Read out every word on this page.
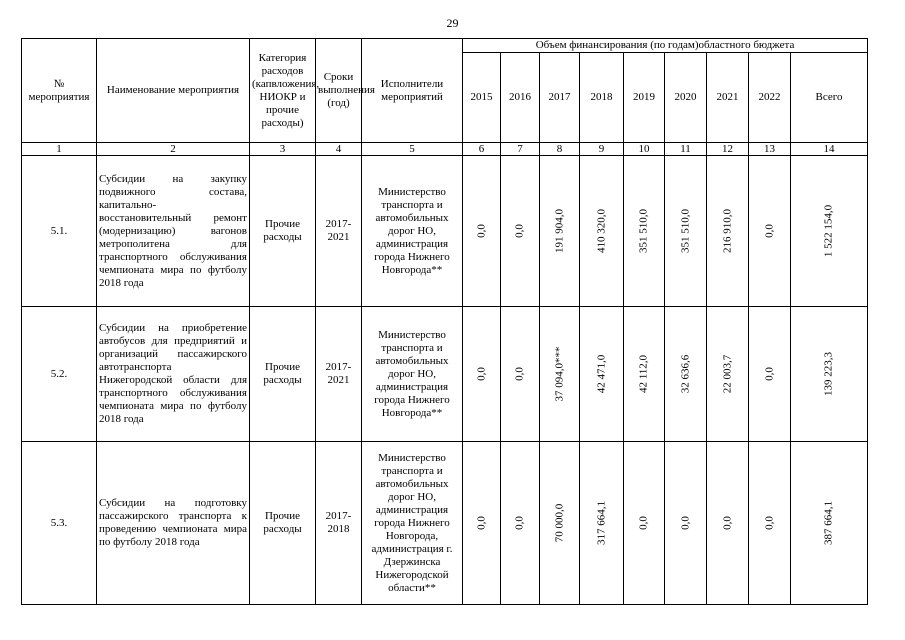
29
№ мероприятия	Наименование мероприятия	Категория расходов (капвложения, НИОКР и прочие расходы)	Сроки выполнения (год)	Исполнители мероприятий	Объем финансирования (по годам)областного бюджета								
					2015	2016	2017	2018	2019	2020	2021	2022	Всего
1	2	3	4	5	6	7	8	9	10	11	12	13	14
5.1.	Субсидии на закупку подвижного состава, капитально-восстановительный ремонт (модернизацию) вагонов метрополитена для транспортного обслуживания чемпионата мира по футболу 2018 года	Прочие расходы	2017-2021	Министерство транспорта и автомобильных дорог НО, администрация города Нижнего Новгорода**	0,0	0,0	191 904,0	410 320,0	351 510,0	351 510,0	216 910,0	0,0	1 522 154,0

5.2.	Субсидии на приобретение автобусов для предприятий и организаций пассажирского автотранспорта Нижегородской области для транспортного обслуживания чемпионата мира по футболу 2018 года	Прочие расходы	2017-2021	Министерство транспорта и автомобильных дорог НО, администрация города Нижнего Новгорода**	0,0	0,0	37 094,0***	42 471,0	42 112,0	32 636,6	22 003,7	0,0	139 223,3

5.3.	Субсидии на подготовку пассажирского транспорта к проведению чемпионата мира по футболу 2018 года	Прочие расходы	2017-2018	Министерство транспорта и автомобильных дорог НО, администрация города Нижнего Новгорода, администрация г. Дзержинска Нижегородской области**	0,0	0,0	70 000,0	317 664,1	0,0	0,0	0,0	0,0	387 664,1
